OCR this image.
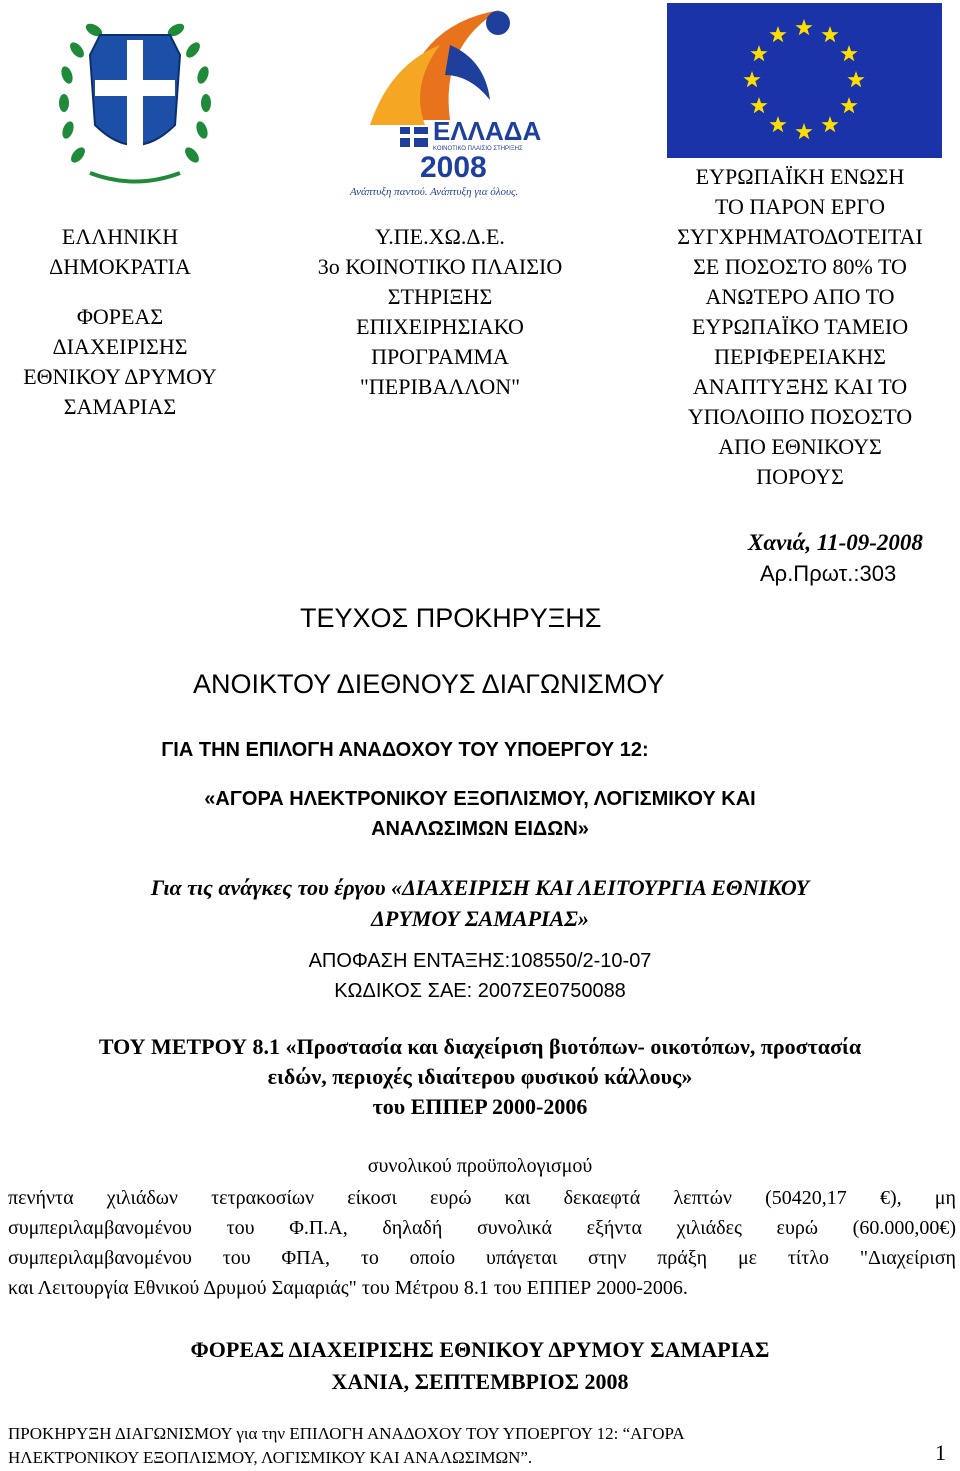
ΕΛΛΑΔΑ
ΚΟΙΝΟΤΙΚΟ ΠΛΑΙΣΙΟ ΣΤΗΡΙΞΗΣ
2008
Ανάπτυξη παντού. Ανάπτυξη για όλους.
ΕΛΛΗΝΙΚΗ
ΔΗΜΟΚΡΑΤΙΑ
ΦΟΡΕΑΣ
ΔΙΑΧΕΙΡΙΣΗΣ
ΕΘΝΙΚΟΥ ΔΡΥΜΟΥ
ΣΑΜΑΡΙΑΣ
Υ.ΠΕ.ΧΩ.Δ.Ε.
3ο ΚΟΙΝΟΤΙΚΟ ΠΛΑΙΣΙΟ
ΣΤΗΡΙΞΗΣ
ΕΠΙΧΕΙΡΗΣΙΑΚΟ
ΠΡΟΓΡΑΜΜΑ
"ΠΕΡΙΒΑΛΛΟΝ"
ΕΥΡΩΠΑΪΚΗ ΕΝΩΣΗ
ΤΟ ΠΑΡΟΝ ΕΡΓΟ
ΣΥΓΧΡΗΜΑΤΟΔΟΤΕΙΤΑΙ
ΣΕ ΠΟΣΟΣΤΟ 80% ΤΟ
ΑΝΩΤΕΡΟ ΑΠΟ ΤΟ
ΕΥΡΩΠΑΪΚΟ ΤΑΜΕΙΟ
ΠΕΡΙΦΕΡΕΙΑΚΗΣ
ΑΝΑΠΤΥΞΗΣ ΚΑΙ ΤΟ
ΥΠΟΛΟΙΠΟ ΠΟΣΟΣΤΟ
ΑΠΟ ΕΘΝΙΚΟΥΣ
ΠΟΡΟΥΣ
Χανιά, 11-09-2008
Αρ.Πρωτ.:303
ΤΕΥΧΟΣ ΠΡΟΚΗΡΥΞΗΣ
ΑΝΟΙΚΤΟΥ ΔΙΕΘΝΟΥΣ ΔΙΑΓΩΝΙΣΜΟΥ
ΓΙΑ ΤΗΝ ΕΠΙΛΟΓΗ ΑΝΑΔΟΧΟΥ ΤΟΥ ΥΠΟΕΡΓΟΥ 12:
«ΑΓΟΡΑ ΗΛΕΚΤΡΟΝΙΚΟΥ ΕΞΟΠΛΙΣΜΟΥ, ΛΟΓΙΣΜΙΚΟΥ ΚΑΙ
ΑΝΑΛΩΣΙΜΩΝ ΕΙΔΩΝ»
Για τις ανάγκες του έργου «ΔΙΑΧΕΙΡΙΣΗ ΚΑΙ ΛΕΙΤΟΥΡΓΙΑ ΕΘΝΙΚΟΥ
ΔΡΥΜΟΥ ΣΑΜΑΡΙΑΣ»
ΑΠΟΦΑΣΗ ΕΝΤΑΞΗΣ:108550/2-10-07
ΚΩΔΙΚΟΣ ΣΑΕ: 2007ΣΕ0750088
ΤΟΥ ΜΕΤΡΟΥ 8.1 «Προστασία και διαχείριση βιοτόπων- οικοτόπων, προστασία
ειδών, περιοχές ιδιαίτερου φυσικού κάλλους»
του ΕΠΠΕΡ 2000-2006
συνολικού προϋπολογισμού
πενήντα χιλιάδων τετρακοσίων είκοσι ευρώ και δεκαεφτά λεπτών (50420,17 €), μη
συμπεριλαμβανομένου του Φ.Π.Α, δηλαδή συνολικά εξήντα χιλιάδες ευρώ (60.000,00€)
συμπεριλαμβανομένου του ΦΠΑ, το οποίο υπάγεται στην πράξη με τίτλο "Διαχείριση
και Λειτουργία Εθνικού Δρυμού Σαμαριάς" του Μέτρου 8.1 του ΕΠΠΕΡ 2000-2006.
ΦΟΡΕΑΣ ΔΙΑΧΕΙΡΙΣΗΣ ΕΘΝΙΚΟΥ ΔΡΥΜΟΥ ΣΑΜΑΡΙΑΣ
ΧΑΝΙΑ, ΣΕΠΤΕΜΒΡΙΟΣ 2008
ΠΡΟΚΗΡΥΞΗ ΔΙΑΓΩΝΙΣΜΟΥ για την ΕΠΙΛΟΓΗ ΑΝΑΔΟΧΟΥ ΤΟΥ ΥΠΟΕΡΓΟΥ 12: “ΑΓΟΡΑ
ΗΛΕΚΤΡΟΝΙΚΟΥ ΕΞΟΠΛΙΣΜΟΥ, ΛΟΓΙΣΜΙΚΟΥ ΚΑΙ ΑΝΑΛΩΣΙΜΩΝ”.	1
